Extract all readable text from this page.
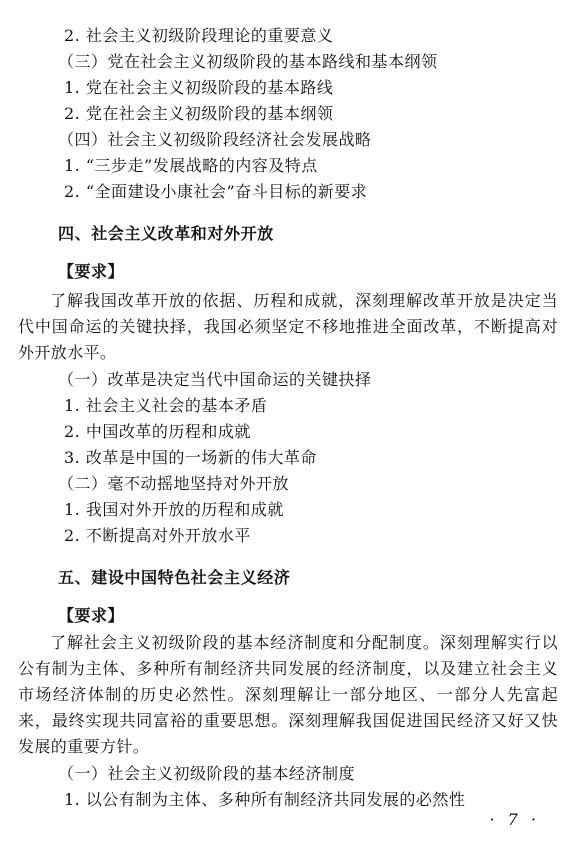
2. 社会主义初级阶段理论的重要意义
（三）党在社会主义初级阶段的基本路线和基本纲领
1. 党在社会主义初级阶段的基本路线
2. 党在社会主义初级阶段的基本纲领
（四）社会主义初级阶段经济社会发展战略
1. “三步走”发展战略的内容及特点
2. “全面建设小康社会”奋斗目标的新要求
四、社会主义改革和对外开放
【要求】
了解我国改革开放的依据、历程和成就，深刻理解改革开放是决定当代中国命运的关键抉择，我国必须坚定不移地推进全面改革，不断提高对外开放水平。
（一）改革是决定当代中国命运的关键抉择
1. 社会主义社会的基本矛盾
2. 中国改革的历程和成就
3. 改革是中国的一场新的伟大革命
（二）毫不动摇地坚持对外开放
1. 我国对外开放的历程和成就
2. 不断提高对外开放水平
五、建设中国特色社会主义经济
【要求】
了解社会主义初级阶段的基本经济制度和分配制度。深刻理解实行以公有制为主体、多种所有制经济共同发展的经济制度，以及建立社会主义市场经济体制的历史必然性。深刻理解让一部分地区、一部分人先富起来，最终实现共同富裕的重要思想。深刻理解我国促进国民经济又好又快发展的重要方针。
（一）社会主义初级阶段的基本经济制度
1. 以公有制为主体、多种所有制经济共同发展的必然性
· 7 ·
